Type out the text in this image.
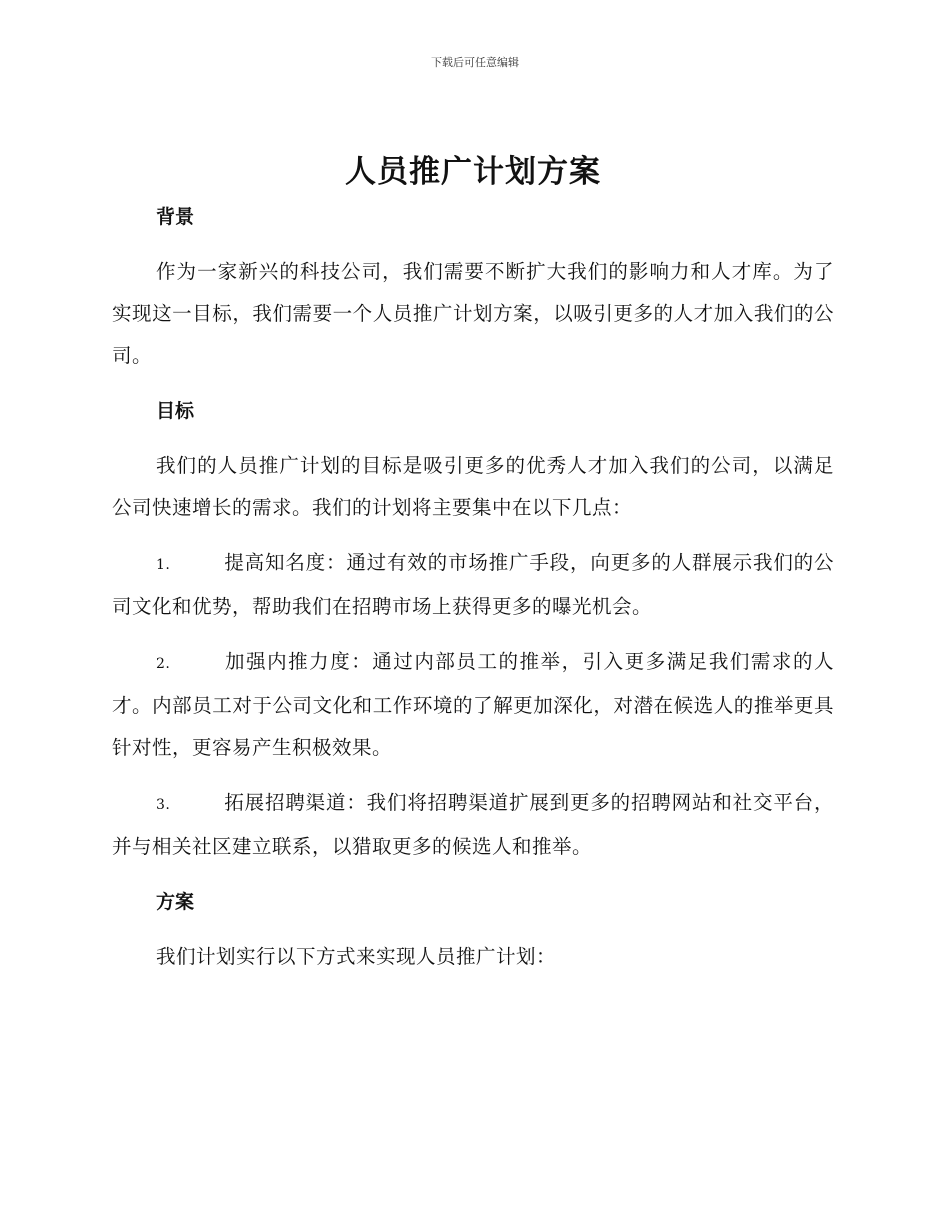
下载后可任意编辑
人员推广计划方案
背景

作为一家新兴的科技公司，我们需要不断扩大我们的影响力和人才库。为了实现这一目标，我们需要一个人员推广计划方案，以吸引更多的人才加入我们的公司。

目标

我们的人员推广计划的目标是吸引更多的优秀人才加入我们的公司，以满足公司快速增长的需求。我们的计划将主要集中在以下几点：

1.	提高知名度：通过有效的市场推广手段，向更多的人群展示我们的公司文化和优势，帮助我们在招聘市场上获得更多的曝光机会。

2.	加强内推力度：通过内部员工的推举，引入更多满足我们需求的人才。内部员工对于公司文化和工作环境的了解更加深化，对潜在候选人的推举更具针对性，更容易产生积极效果。

3.	拓展招聘渠道：我们将招聘渠道扩展到更多的招聘网站和社交平台，并与相关社区建立联系，以猎取更多的候选人和推举。

方案

我们计划实行以下方式来实现人员推广计划：
